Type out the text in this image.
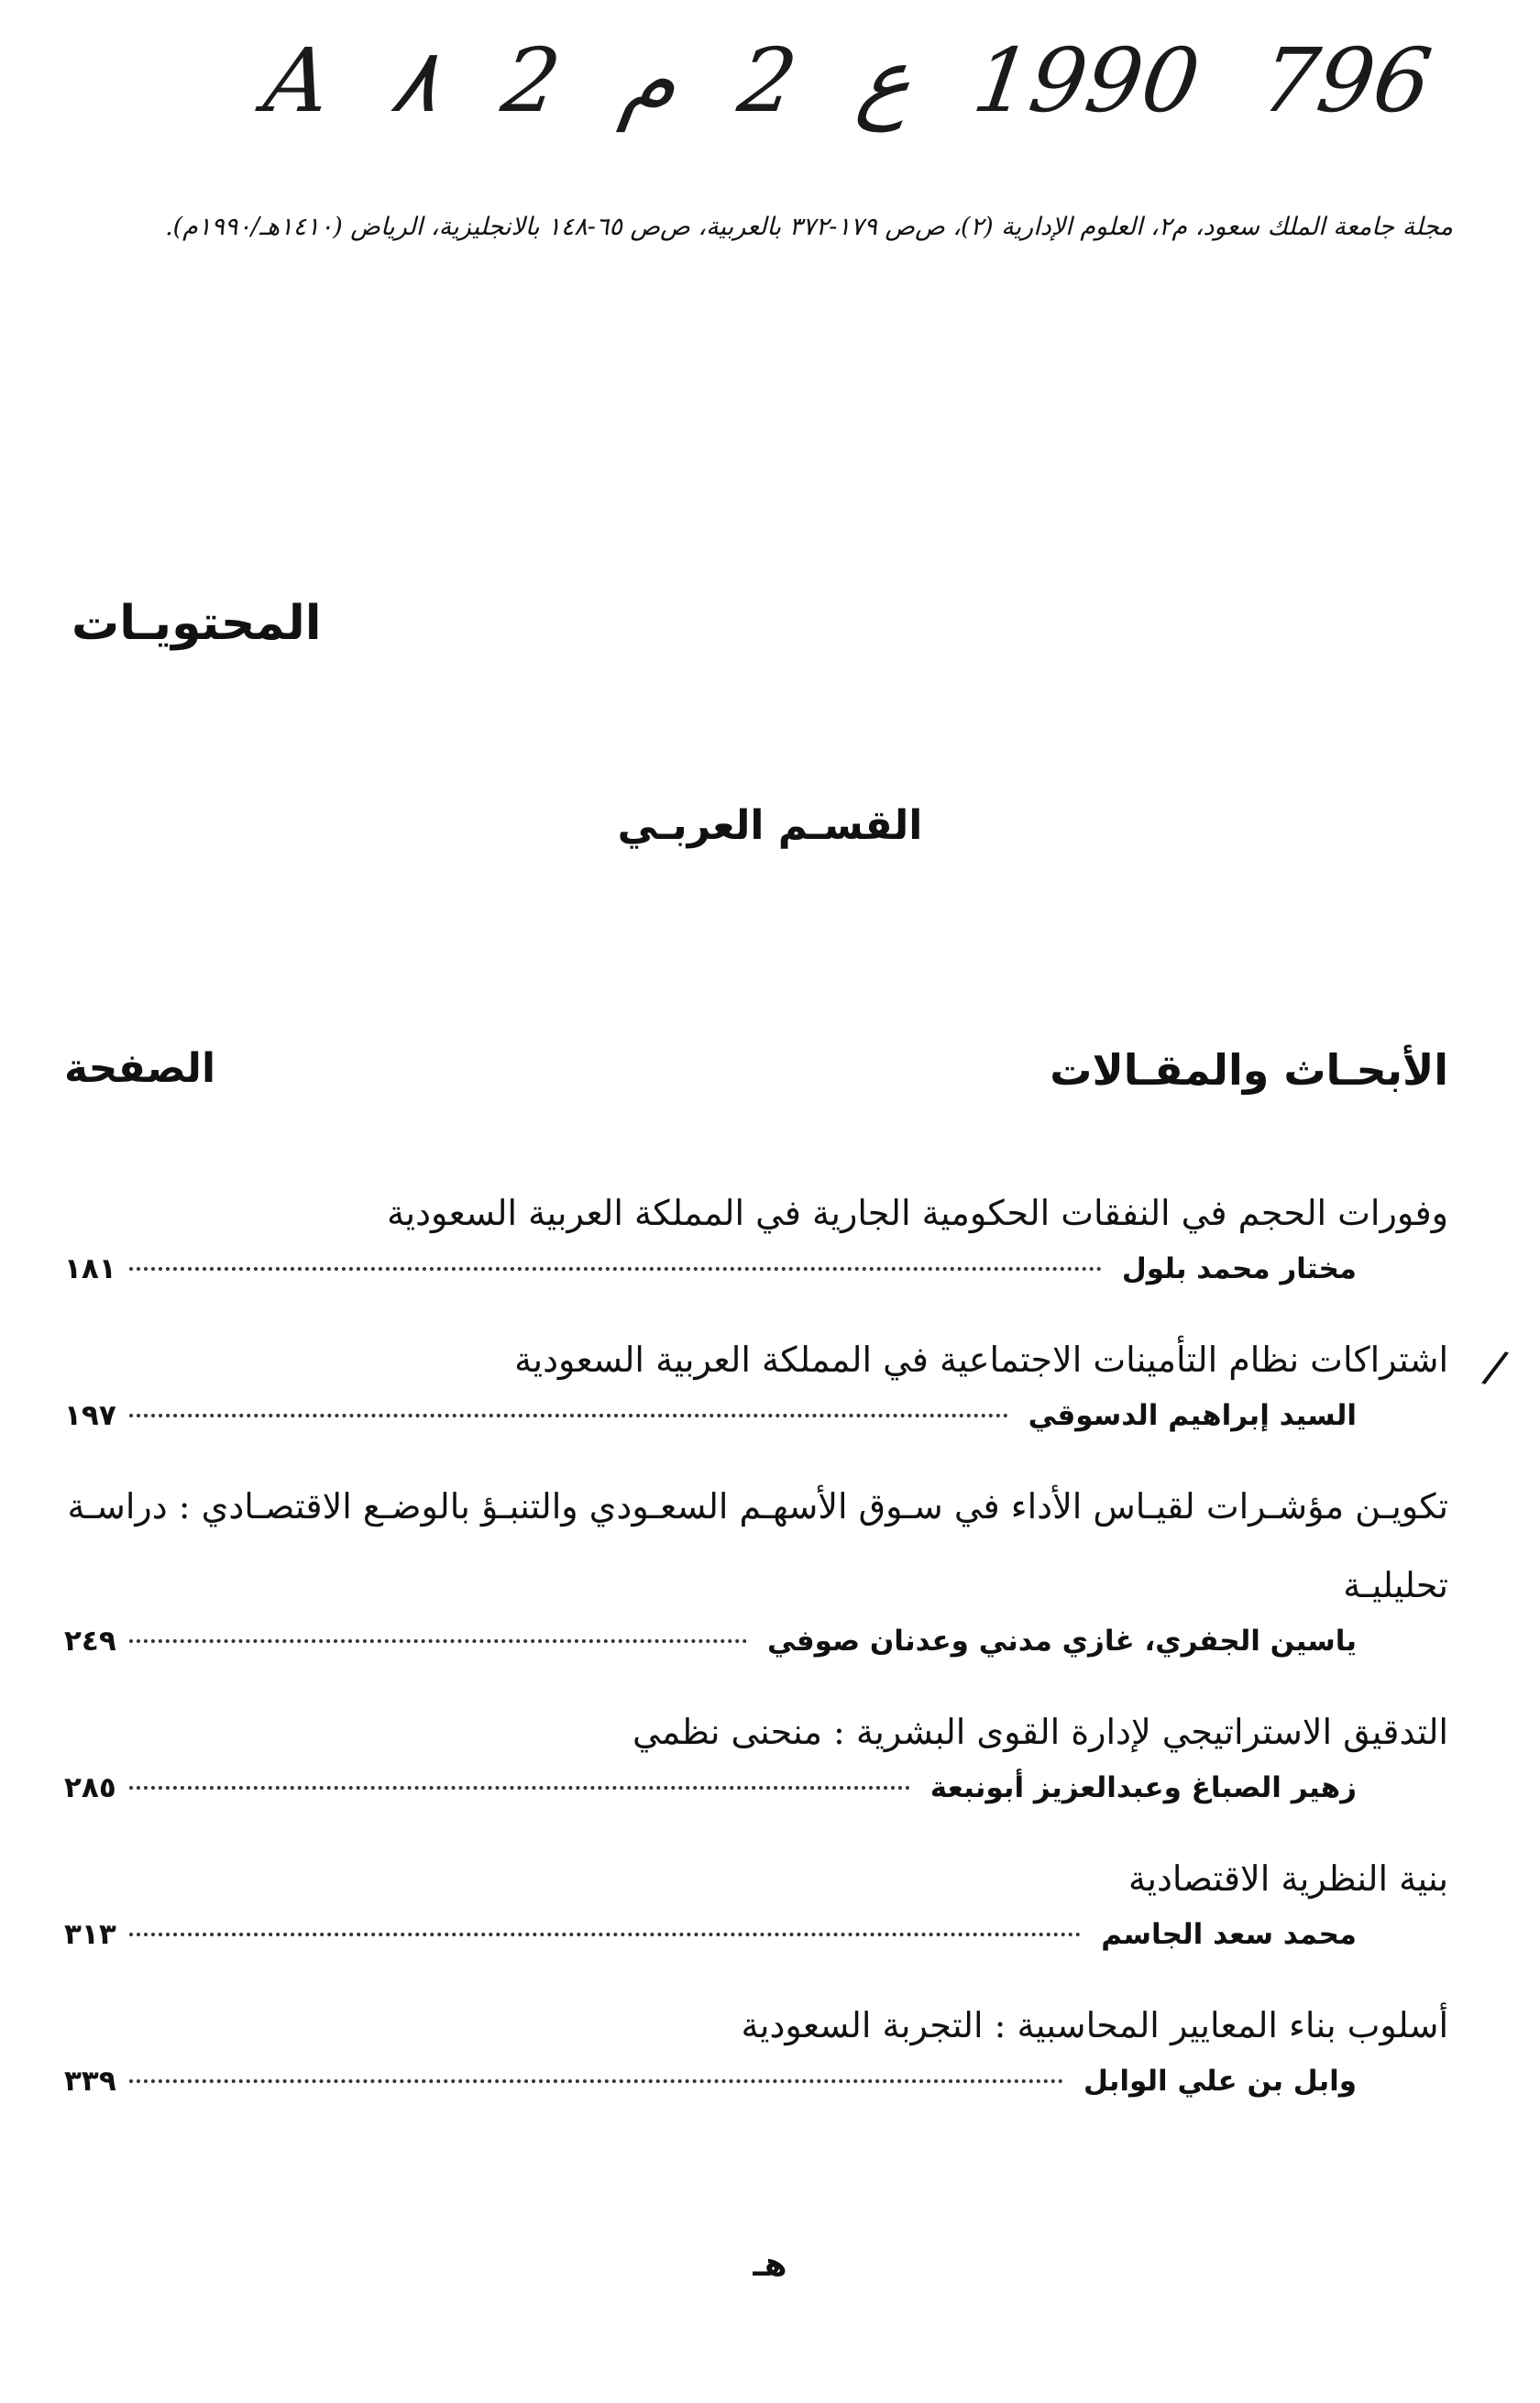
A ٨ 2 م 2 ع 1990 796
مجلة جامعة الملك سعود، م٢، العلوم الإدارية (٢)، ص‌ص ١٧٩-٣٧٢ بالعربية، ص‌ص ٦٥-١٤٨ بالانجليزية، الرياض (١٤١٠هـ/١٩٩٠م).
المحتويـات
القسـم العربـي
الأبحـاث والمقـالات
الصفحة
وفورات الحجم في النفقات الحكومية الجارية في المملكة العربية السعودية
مختار محمد بلول
١٨١
/
اشتراكات نظام التأمينات الاجتماعية في المملكة العربية السعودية
السيد إبراهيم الدسوقي
١٩٧
تكويـن مؤشـرات لقيـاس الأداء في سـوق الأسهـم السعـودي والتنبـؤ بالوضـع الاقتصـادي : دراسـة تحليليـة
ياسين الجفري، غازي مدني وعدنان صوفي
٢٤٩
التدقيق الاستراتيجي لإدارة القوى البشرية : منحنى نظمي
زهير الصباغ وعبدالعزيز أبونبعة
٢٨٥
بنية النظرية الاقتصادية
محمد سعد الجاسم
٣١٣
أسلوب بناء المعايير المحاسبية : التجربة السعودية
وابل بن علي الوابل
٣٣٩
هـ
